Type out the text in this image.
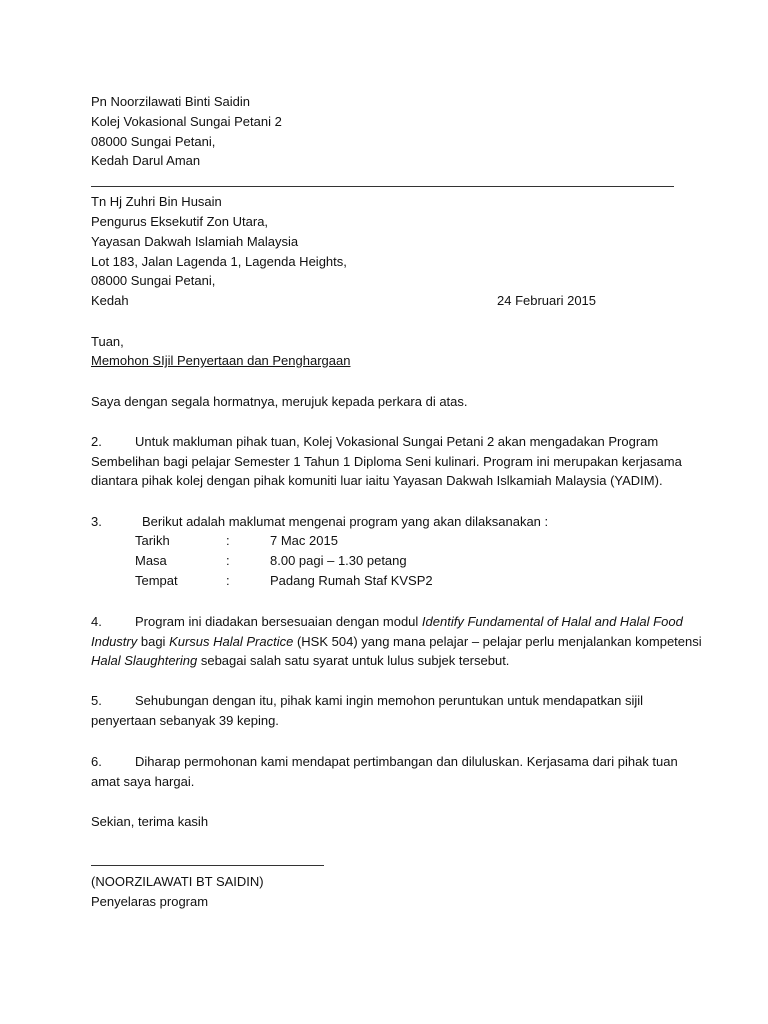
Pn Noorzilawati Binti Saidin
Kolej Vokasional Sungai Petani 2
08000 Sungai Petani,
Kedah Darul Aman
Tn Hj Zuhri Bin Husain
Pengurus Eksekutif Zon Utara,
Yayasan Dakwah Islamiah Malaysia
Lot 183, Jalan Lagenda 1, Lagenda Heights,
08000 Sungai Petani,
Kedah	24 Februari 2015
Tuan,
Memohon SIjil Penyertaan dan Penghargaan
Saya dengan segala hormatnya, merujuk kepada perkara di atas.
2.	Untuk makluman pihak tuan, Kolej Vokasional Sungai Petani 2 akan mengadakan Program
Sembelihan bagi pelajar Semester 1 Tahun 1 Diploma Seni kulinari. Program ini merupakan kerjasama
diantara pihak kolej dengan pihak komuniti luar iaitu Yayasan Dakwah Islkamiah Malaysia (YADIM).
3.	Berikut adalah maklumat mengenai program yang akan dilaksanakan :
Tarikh	:	7 Mac 2015
Masa	:	8.00 pagi – 1.30 petang
Tempat	:	Padang Rumah Staf KVSP2
4.	Program ini diadakan bersesuaian dengan modul Identify Fundamental of Halal and Halal Food
Industry bagi Kursus Halal Practice (HSK 504) yang mana pelajar – pelajar perlu menjalankan kompetensi
Halal Slaughtering sebagai salah satu syarat untuk lulus subjek tersebut.
5.	Sehubungan dengan itu, pihak kami ingin memohon peruntukan untuk mendapatkan sijil
penyertaan sebanyak 39 keping.
6.	Diharap permohonan kami mendapat pertimbangan dan diluluskan. Kerjasama dari pihak tuan
amat saya hargai.
Sekian, terima kasih
(NOORZILAWATI BT SAIDIN)
Penyelaras program
